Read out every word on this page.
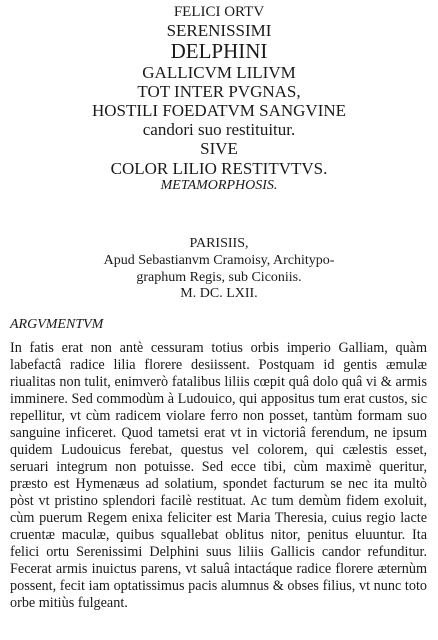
FELICI ORTV
SERENISSIMI
DELPHINI
GALLICVM LILIVM
TOT INTER PVGNAS,
HOSTILI FOEDATVM SANGVINE
candori suo restituitur.
SIVE
COLOR LILIO RESTITVTVS.
METAMORPHOSIS.
PARISIIS,
Apud Sebastianvm Cramoisy, Architypo-
graphum Regis, sub Ciconiis.
M. DC. LXII.

ARGVMENTVM

In fatis erat non antè cessuram totius orbis imperio Galliam, quàm labefactâ radice lilia florere desiissent. Postquam id gentis æmulæ riualitas non tulit, enimverò fatalibus liliis cœpit quâ dolo quâ vi & armis imminere. Sed commodùm à Ludouico, qui appositus tum erat custos, sic repellitur, vt cùm radicem violare ferro non posset, tantùm formam suo sanguine inficeret. Quod tametsi erat vt in victoriâ ferendum, ne ipsum quidem Ludouicus ferebat, questus vel colorem, qui cælestis esset, seruari integrum non potuisse. Sed ecce tibi, cùm maximè queritur, præsto est Hymenæus ad solatium, spondet facturum se nec ita multò pòst vt pristino splendori facilè restituat. Ac tum demùm fidem exoluit, cùm puerum Regem enixa feliciter est Maria Theresia, cuius regio lacte cruentæ maculæ, quibus squallebat oblitus nitor, penitus eluuntur. Ita felici ortu Serenissimi Delphini suus liliis Gallicis candor refunditur. Fecerat armis inuictus parens, vt saluâ intactáque radice florere æternùm possent, fecit iam optatissimus pacis alumnus & obses filius, vt nunc toto orbe mitiùs fulgeant.
